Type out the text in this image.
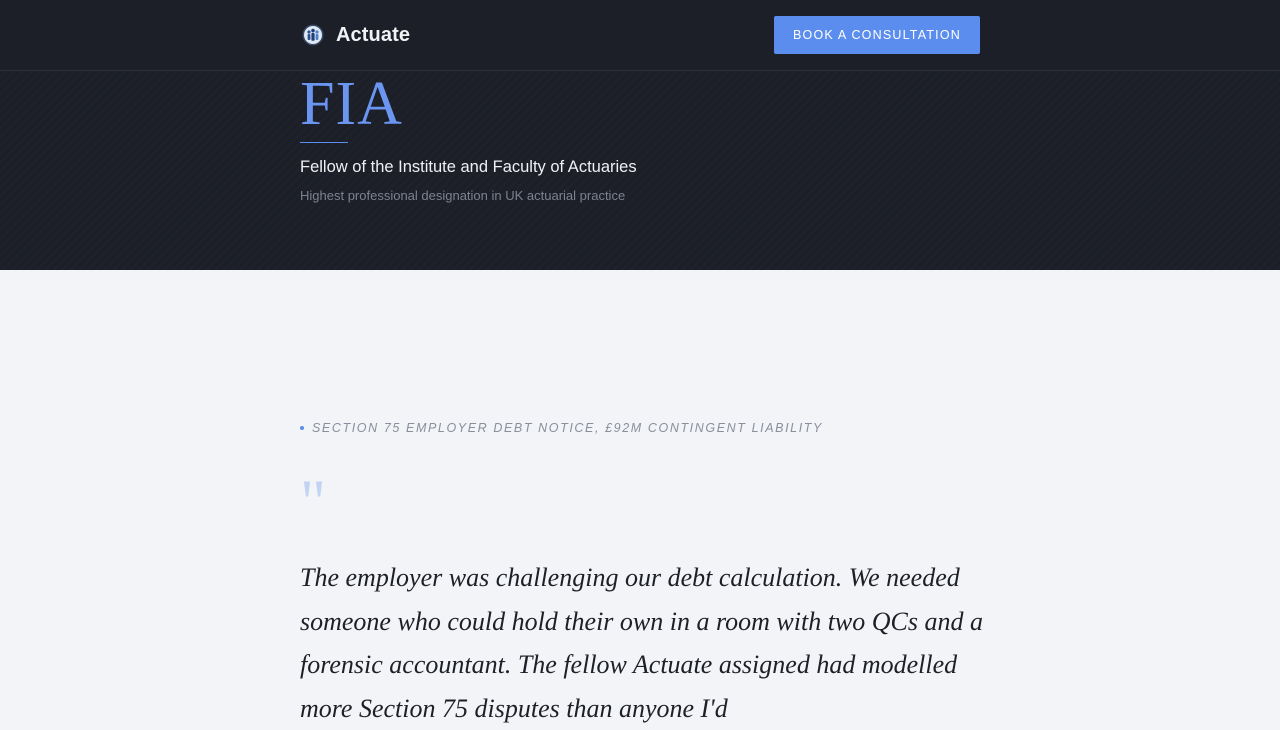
Actuate	BOOK A CONSULTATION
FIA
Fellow of the Institute and Faculty of Actuaries
Highest professional designation in UK actuarial practice
SECTION 75 EMPLOYER DEBT NOTICE, £92M CONTINGENT LIABILITY
"

The employer was challenging our debt calculation. We needed someone who could hold their own in a room with two QCs and a forensic accountant. The fellow Actuate assigned had modelled more Section 75 disputes than anyone I'd
